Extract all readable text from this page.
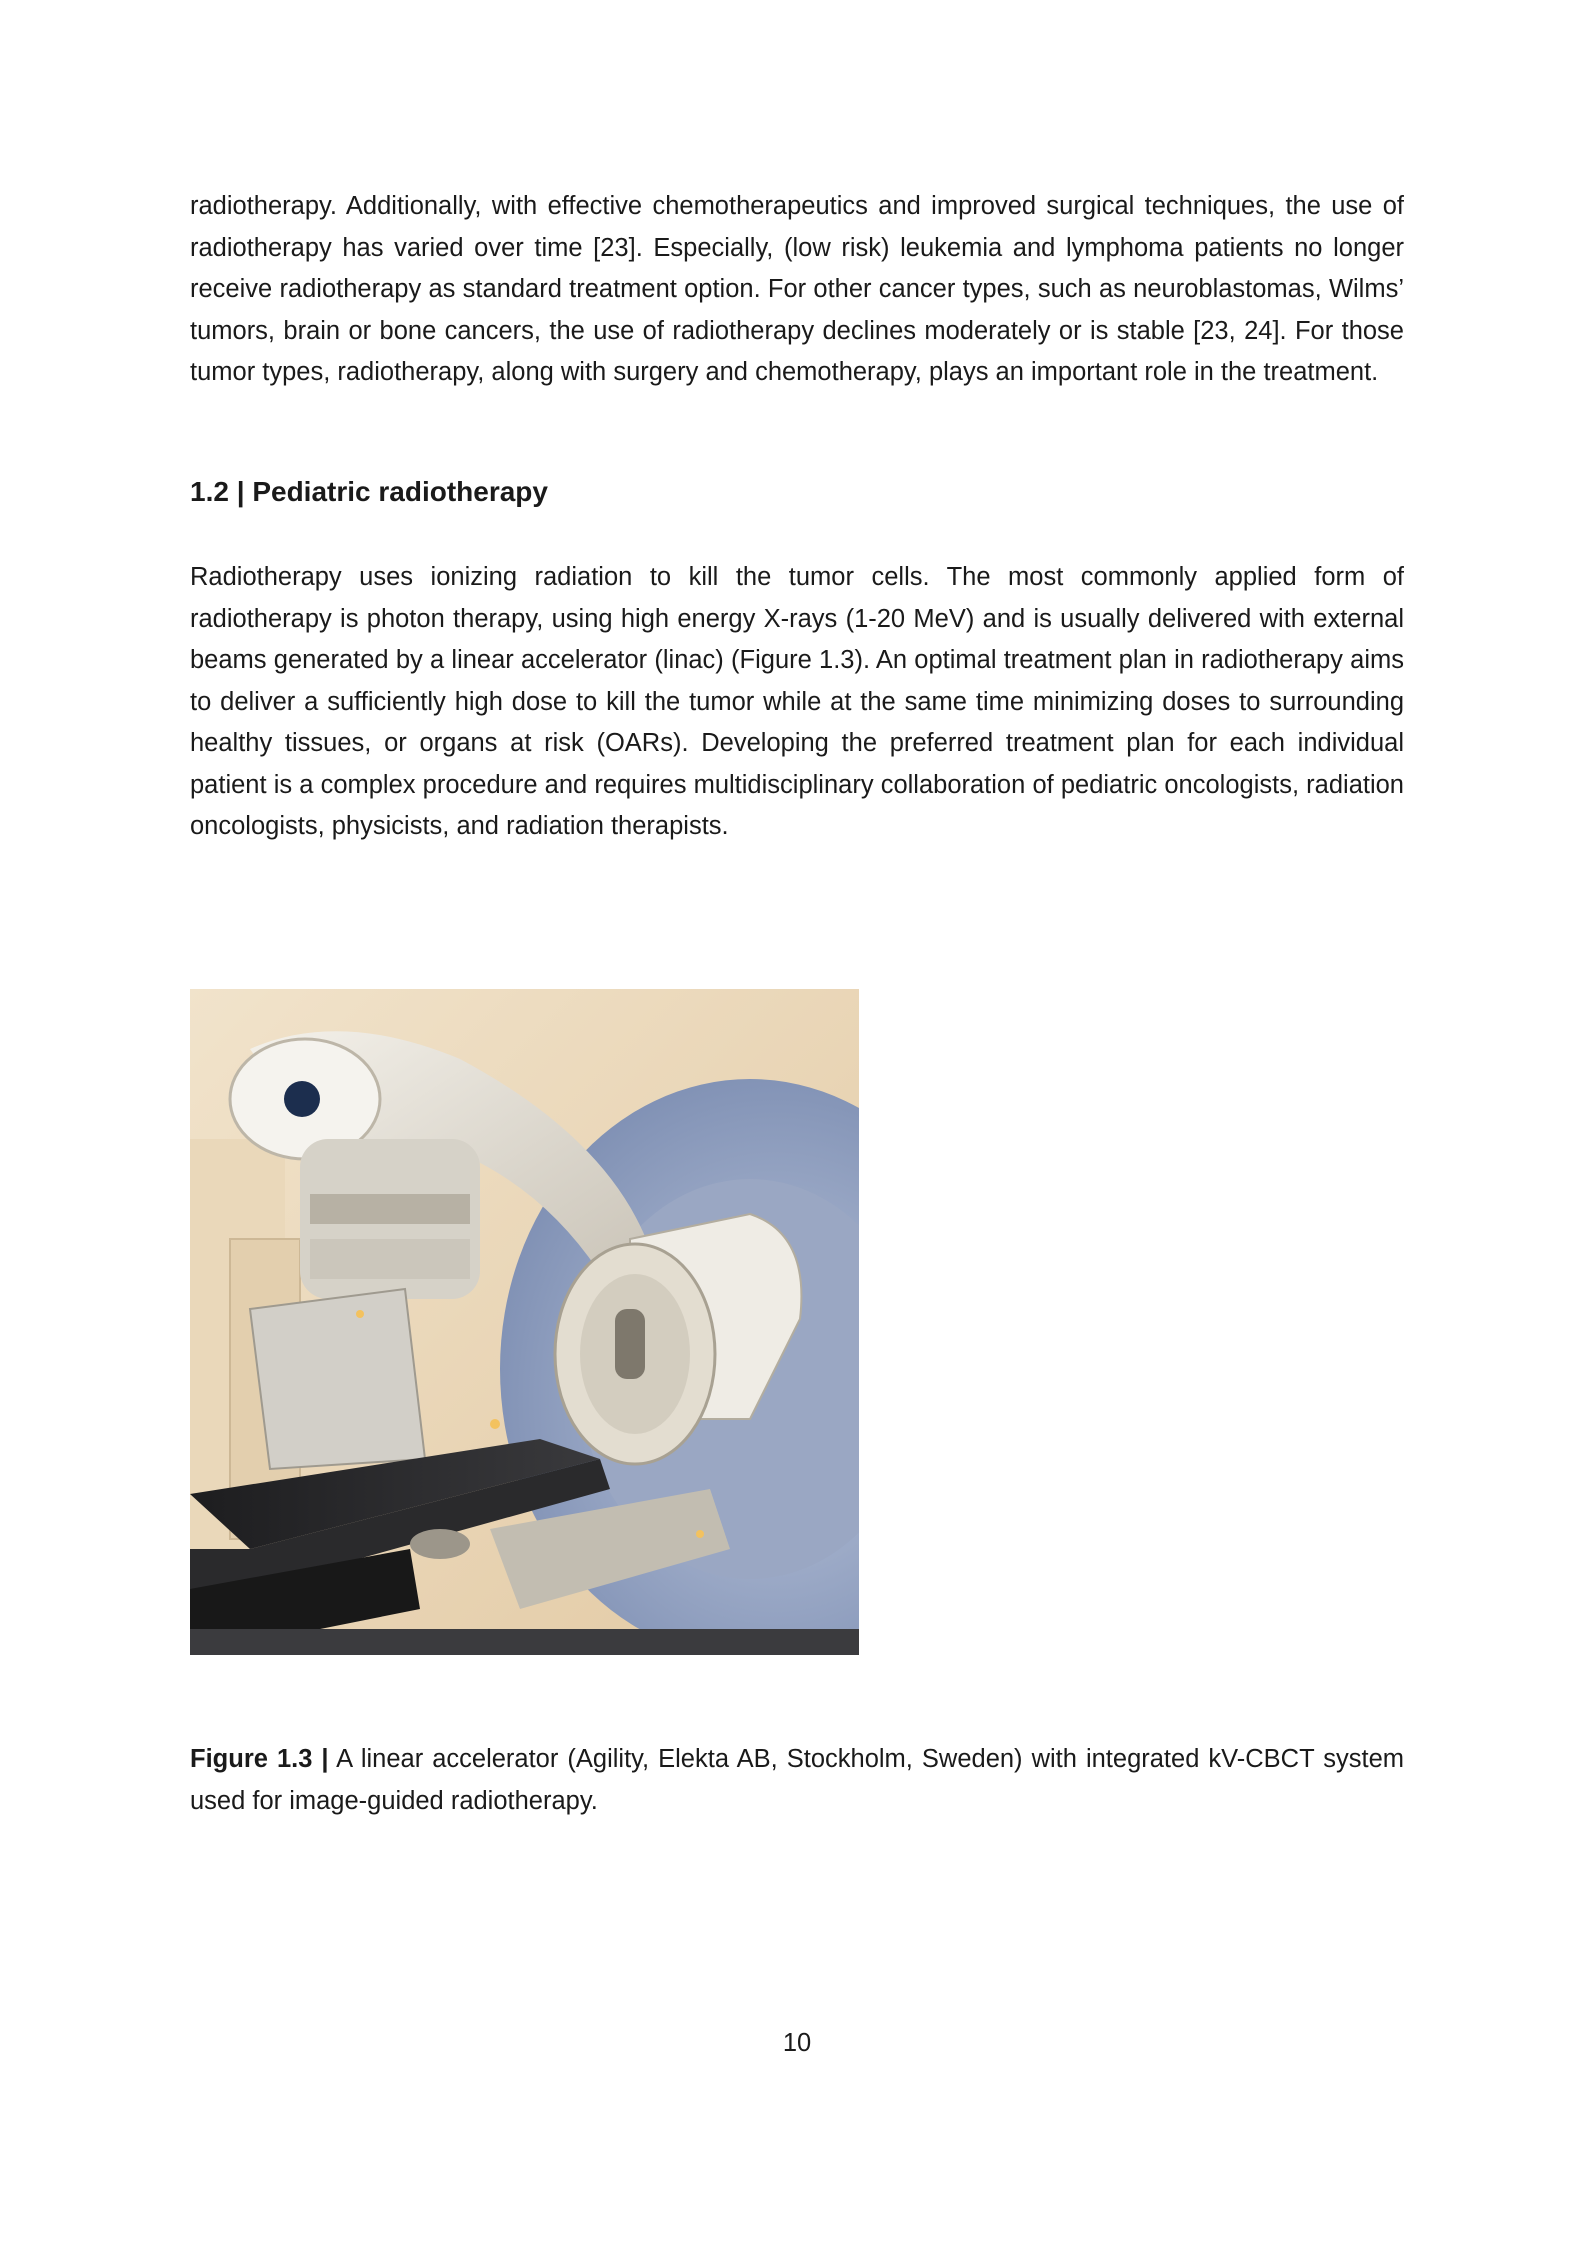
radiotherapy. Additionally, with effective chemotherapeutics and improved surgical techniques, the use of radiotherapy has varied over time [23]. Especially, (low risk) leukemia and lymphoma patients no longer receive radiotherapy as standard treatment option. For other cancer types, such as neuroblastomas, Wilms’ tumors, brain or bone cancers, the use of radiotherapy declines moderately or is stable [23, 24]. For those tumor types, radiotherapy, along with surgery and chemotherapy, plays an important role in the treatment.

1.2 | Pediatric radiotherapy

Radiotherapy uses ionizing radiation to kill the tumor cells. The most commonly applied form of radiotherapy is photon therapy, using high energy X-rays (1-20 MeV) and is usually delivered with external beams generated by a linear accelerator (linac) (Figure 1.3). An optimal treatment plan in radiotherapy aims to deliver a sufficiently high dose to kill the tumor while at the same time minimizing doses to surrounding healthy tissues, or organs at risk (OARs). Developing the preferred treatment plan for each individual patient is a complex procedure and requires multidisciplinary collaboration of pediatric oncologists, radiation oncologists, physicists, and radiation therapists.

Figure 1.3 | A linear accelerator (Agility, Elekta AB, Stockholm, Sweden) with integrated kV-CBCT system used for image-guided radiotherapy.

10
